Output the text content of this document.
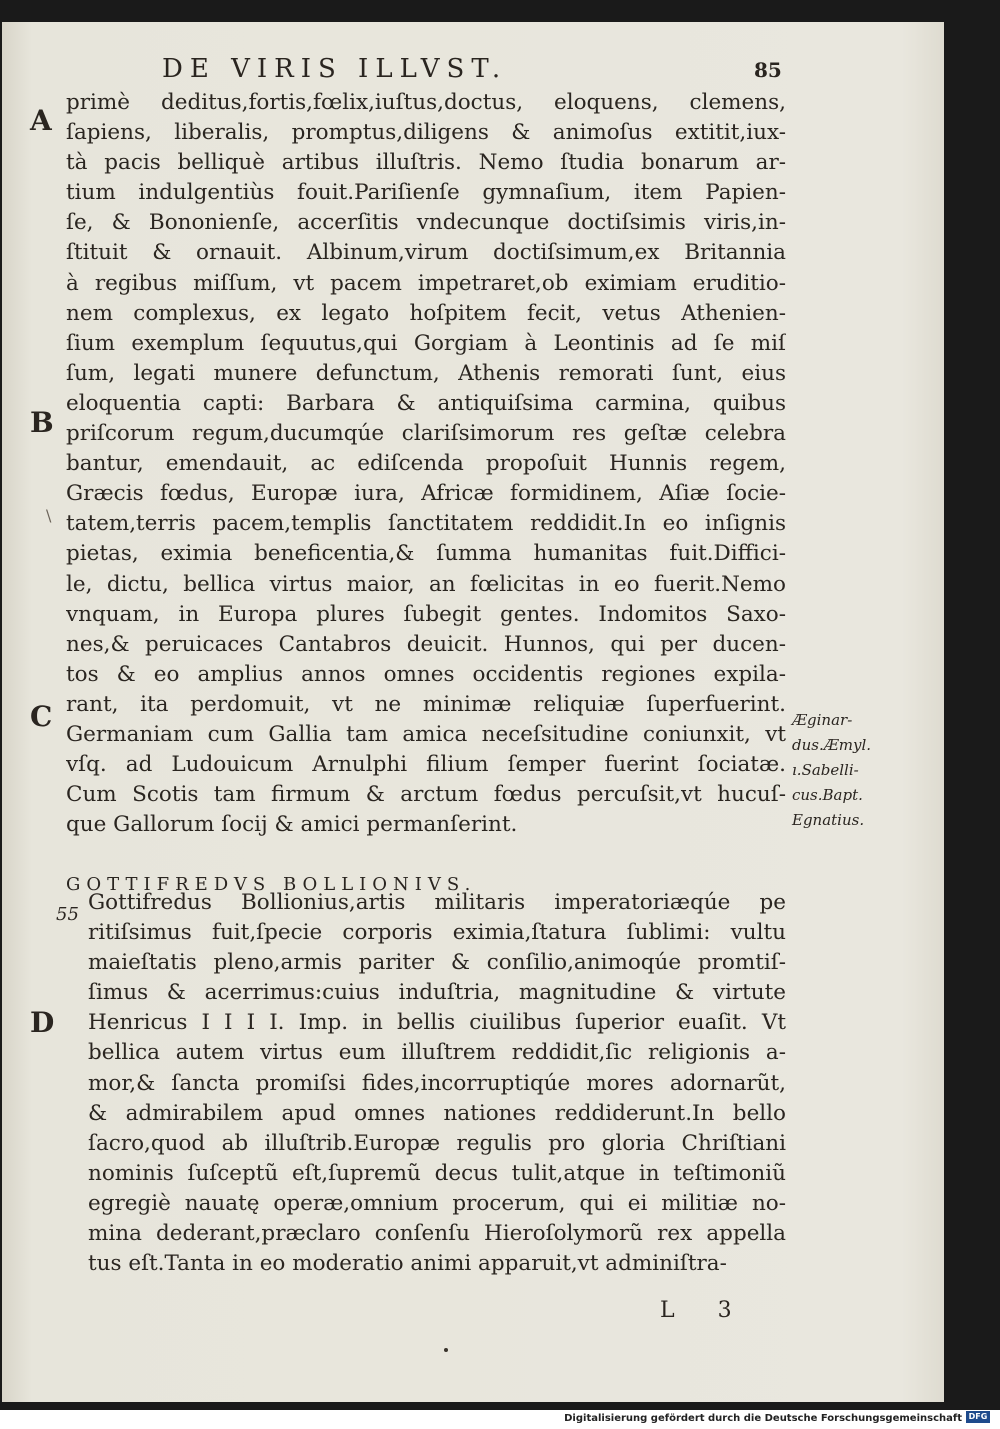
DE VIRIS ILLVST.	85
A
B
C
D
\
primè deditus,fortis,fœlix,iuſtus,doctus, eloquens, clemens,
ſapiens, liberalis, promptus,diligens & animoſus extitit,iux-
tà pacis belliquè artibus illuſtris. Nemo ſtudia bonarum ar-
tium indulgentiùs fouit.Pariſienſe gymnaſium, item Papien-
ſe, & Bononienſe, accerſitis vndecunque doctiſsimis viris,in-
ſtituit & ornauit. Albinum,virum doctiſsimum,ex Britannia
à regibus miſſum, vt pacem impetraret,ob eximiam eruditio-
nem complexus, ex legato hoſpitem fecit, vetus Athenien-
ſium exemplum ſequutus,qui Gorgiam à Leontinis ad ſe miſ
ſum, legati munere defunctum, Athenis remorati ſunt, eius
eloquentia capti: Barbara & antiquiſsima carmina, quibus
priſcorum regum,ducumqúe clariſsimorum res geſtæ celebra
bantur, emendauit, ac ediſcenda propoſuit Hunnis regem,
Græcis fœdus, Europæ iura, Africæ formidinem, Aſiæ ſocie-
tatem,terris pacem,templis ſanctitatem reddidit.In eo inſignis
pietas, eximia beneficentia,& ſumma humanitas fuit.Diffici-
le, dictu, bellica virtus maior, an fœlicitas in eo fuerit.Nemo
vnquam, in Europa plures ſubegit gentes. Indomitos Saxo-
nes,& peruicaces Cantabros deuicit. Hunnos, qui per ducen-
tos & eo amplius annos omnes occidentis regiones expila-
rant, ita perdomuit, vt ne minimæ reliquiæ ſuperfuerint.
Germaniam cum Gallia tam amica neceſsitudine coniunxit, vt
vſq. ad Ludouicum Arnulphi filium ſemper fuerint ſociatæ.
Cum Scotis tam firmum & arctum fœdus percuſsit,vt hucuſ-
que Gallorum ſocij & amici permanſerint.
Æginar‑
dus.Æmyl.
ı.Sabelli‑
cus.Bapt.
Egnatius.
GOTTIFREDVS BOLLIONIVS.
55 Gottifredus Bollionius,artis militaris imperatoriæqúe pe
ritiſsimus fuit,ſpecie corporis eximia,ſtatura ſublimi: vultu
maieſtatis pleno,armis pariter & conſilio,animoqúe promtiſ-
ſimus & acerrimus:cuius induſtria, magnitudine & virtute
Henricus I I I I. Imp. in bellis ciuilibus ſuperior euaſit. Vt
bellica autem virtus eum illuſtrem reddidit,ſic religionis a-
mor,& ſancta promiſsi fides,incorruptiqúe mores adornarũt,
& admirabilem apud omnes nationes reddiderunt.In bello
ſacro,quod ab illuſtrib.Europæ regulis pro gloria Chriſtiani
nominis ſuſceptũ eſt,ſupremũ decus tulit,atque in teſtimoniũ
egregiè nauatę operæ,omnium procerum, qui ei militiæ no-
mina dederant,præclaro conſenſu Hieroſolymorũ rex appella
tus eſt.Tanta in eo moderatio animi apparuit,vt adminiſtra-
L 3
Digitalisierung gefördert durch die Deutsche Forschungsgemeinschaft DFG
